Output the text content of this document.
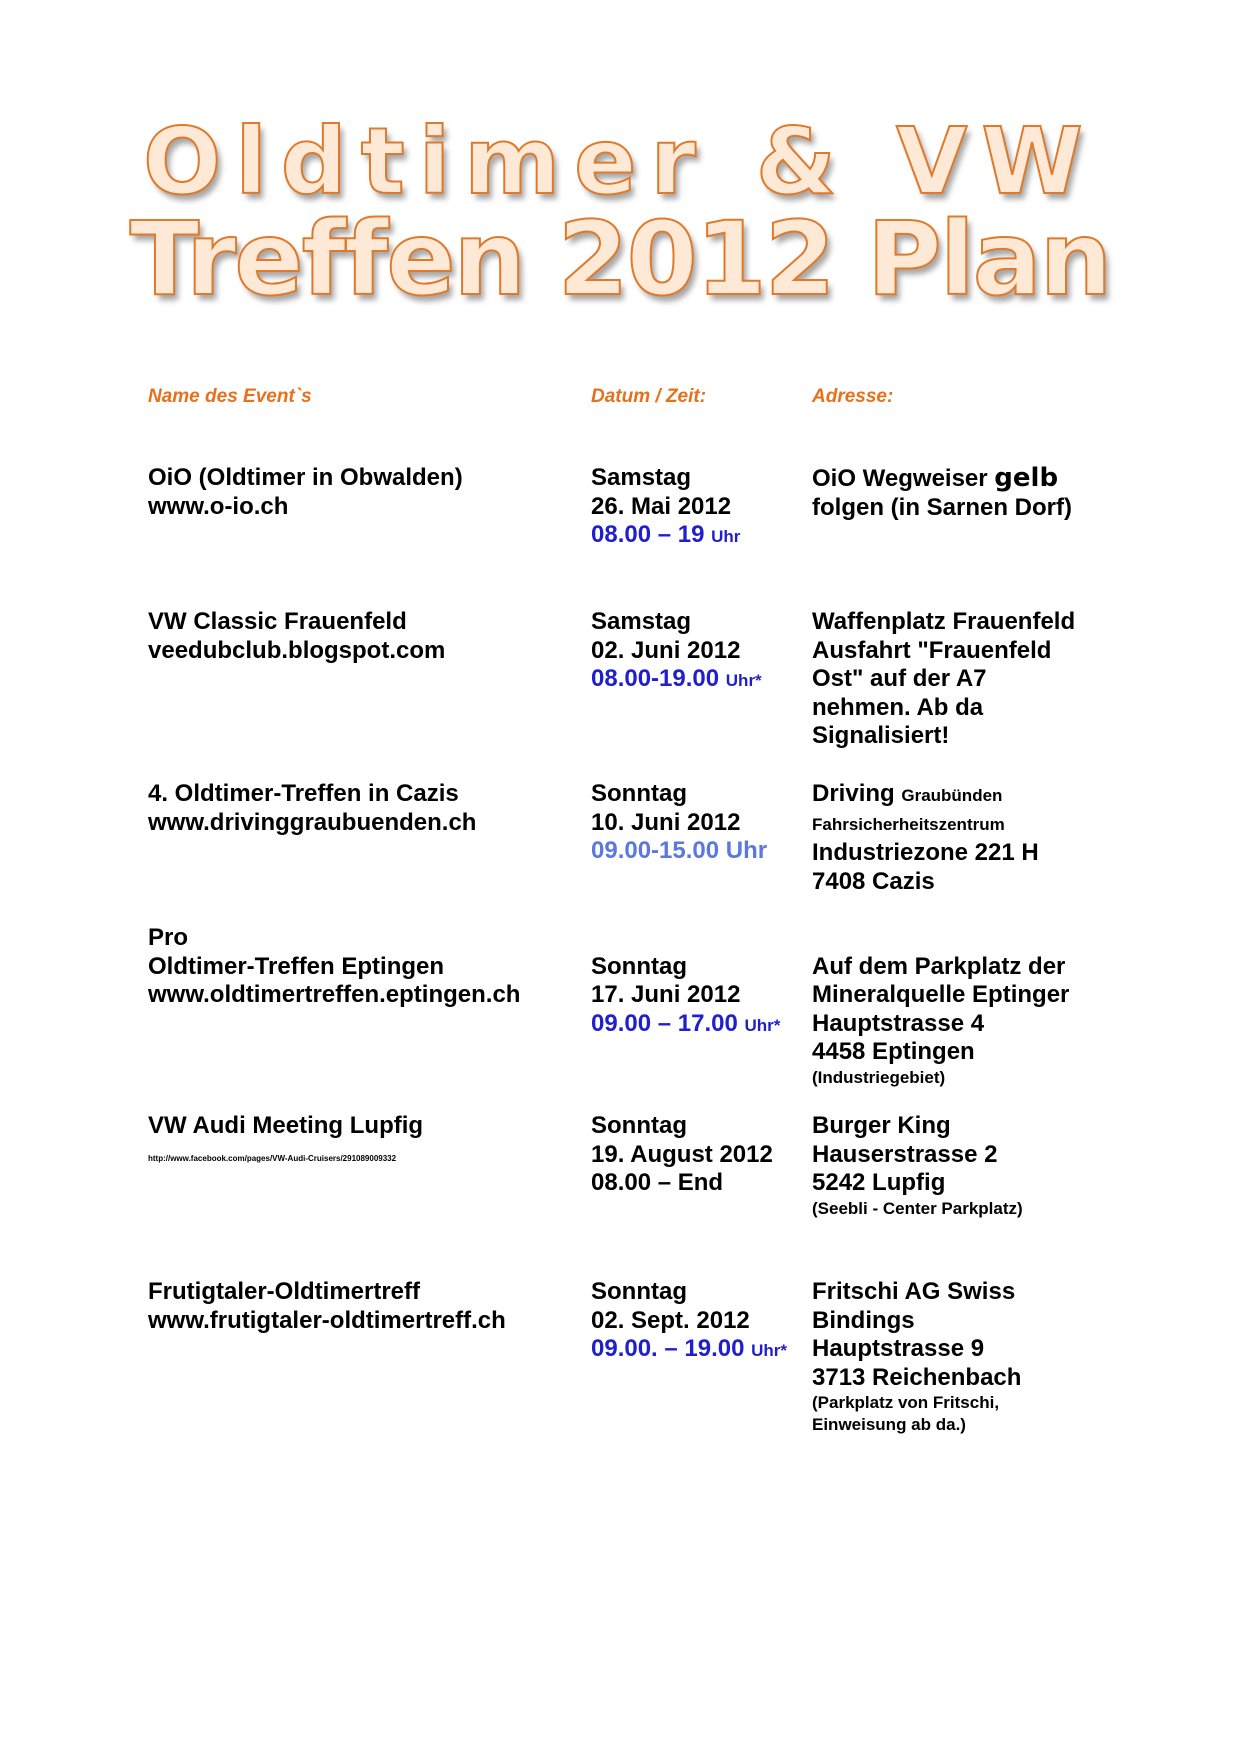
Oldtimer & VW
Treffen 2012 Plan
Name des Event`s	Datum / Zeit:	Adresse:
OiO (Oldtimer in Obwalden)
www.o-io.ch
Samstag
26. Mai 2012
08.00 – 19 Uhr
OiO Wegweiser gelb
folgen (in Sarnen Dorf)
VW Classic Frauenfeld
veedubclub.blogspot.com
Samstag
02. Juni 2012
08.00-19.00 Uhr*
Waffenplatz Frauenfeld
Ausfahrt "Frauenfeld
Ost" auf der A7
nehmen. Ab da
Signalisiert!
4. Oldtimer-Treffen in Cazis
www.drivinggraubuenden.ch
Sonntag
10. Juni 2012
09.00-15.00 Uhr
Driving Graubünden
Fahrsicherheitszentrum
Industriezone 221 H
7408 Cazis
Pro
Oldtimer-Treffen Eptingen
www.oldtimertreffen.eptingen.ch
Sonntag
17. Juni 2012
09.00 – 17.00 Uhr*
Auf dem Parkplatz der
Mineralquelle Eptinger
Hauptstrasse 4
4458 Eptingen
(Industriegebiet)
VW Audi Meeting Lupfig
http://www.facebook.com/pages/VW-Audi-Cruisers/291089009332
Sonntag
19. August 2012
08.00 – End
Burger King
Hauserstrasse 2
5242 Lupfig
(Seebli - Center Parkplatz)
Frutigtaler-Oldtimertreff
www.frutigtaler-oldtimertreff.ch
Sonntag
02. Sept. 2012
09.00. – 19.00 Uhr*
Fritschi AG Swiss
Bindings
Hauptstrasse 9
3713 Reichenbach
(Parkplatz von Fritschi,
Einweisung ab da.)
